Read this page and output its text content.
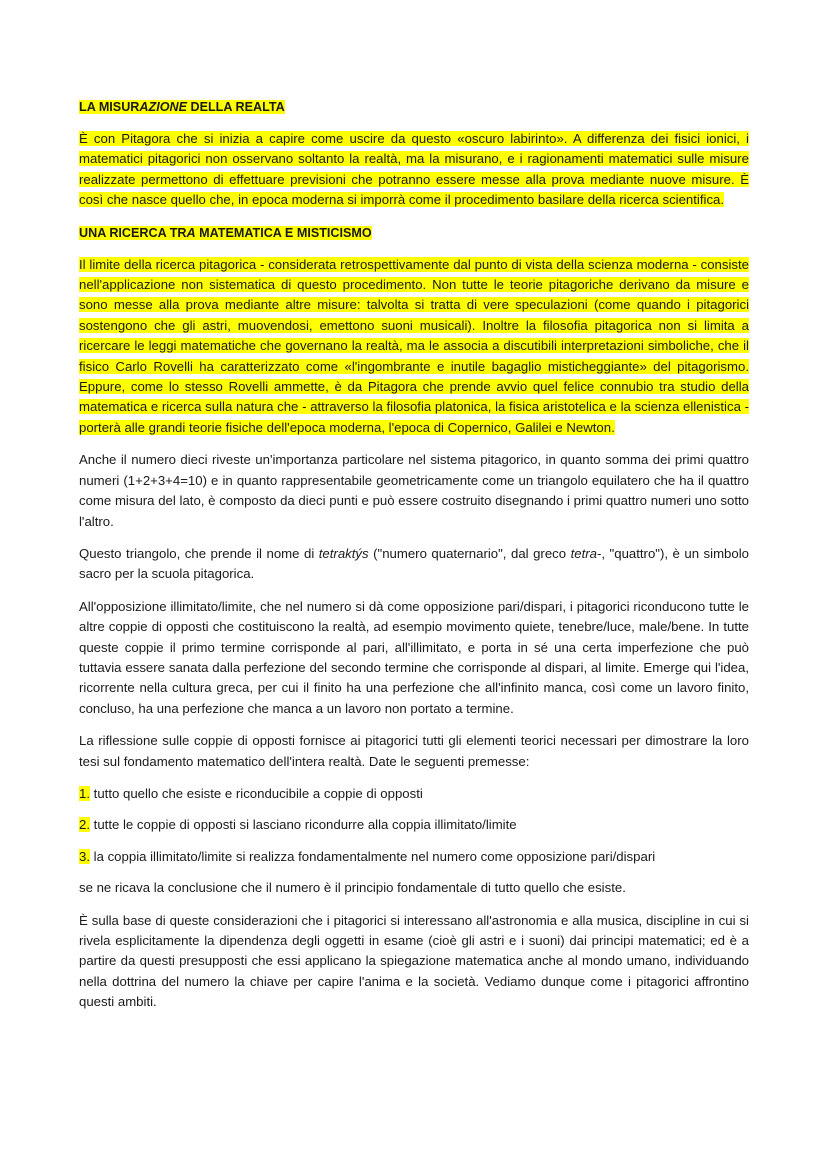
LA MISURAZIONE DELLA REALTA

È con Pitagora che si inizia a capire come uscire da questo «oscuro labirinto». A differenza dei fisici ionici, i matematici pitagorici non osservano soltanto la realtà, ma la misurano, e i ragionamenti matematici sulle misure realizzate permettono di effettuare previsioni che potranno essere messe alla prova mediante nuove misure. È così che nasce quello che, in epoca moderna si imporrà come il procedimento basilare della ricerca scientifica.

UNA RICERCA TRA MATEMATICA E MISTICISMO

Il limite della ricerca pitagorica - considerata retrospettivamente dal punto di vista della scienza moderna - consiste nell'applicazione non sistematica di questo procedimento. Non tutte le teorie pitagoriche derivano da misure e sono messe alla prova mediante altre misure: talvolta si tratta di vere speculazioni (come quando i pitagorici sostengono che gli astri, muovendosi, emettono suoni musicali). Inoltre la filosofia pitagorica non si limita a ricercare le leggi matematiche che governano la realtà, ma le associa a discutibili interpretazioni simboliche, che il fisico Carlo Rovelli ha caratterizzato come «l'ingombrante e inutile bagaglio misticheggiante» del pitagorismo. Eppure, come lo stesso Rovelli ammette, è da Pitagora che prende avvio quel felice connubio tra studio della matematica e ricerca sulla natura che - attraverso la filosofia platonica, la fisica aristotelica e la scienza ellenistica - porterà alle grandi teorie fisiche dell'epoca moderna, l'epoca di Copernico, Galilei e Newton.

Anche il numero dieci riveste un'importanza particolare nel sistema pitagorico, in quanto somma dei primi quattro numeri (1+2+3+4=10) e in quanto rappresentabile geometricamente come un triangolo equilatero che ha il quattro come misura del lato, è composto da dieci punti e può essere costruito disegnando i primi quattro numeri uno sotto l'altro.

Questo triangolo, che prende il nome di tetraktýs ("numero quaternario", dal greco tetra-, "quattro"), è un simbolo sacro per la scuola pitagorica.

All'opposizione illimitato/limite, che nel numero si dà come opposizione pari/dispari, i pitagorici riconducono tutte le altre coppie di opposti che costituiscono la realtà, ad esempio movimento quiete, tenebre/luce, male/bene. In tutte queste coppie il primo termine corrisponde al pari, all'illimitato, e porta in sé una certa imperfezione che può tuttavia essere sanata dalla perfezione del secondo termine che corrisponde al dispari, al limite. Emerge qui l'idea, ricorrente nella cultura greca, per cui il finito ha una perfezione che all'infinito manca, così come un lavoro finito, concluso, ha una perfezione che manca a un lavoro non portato a termine.

La riflessione sulle coppie di opposti fornisce ai pitagorici tutti gli elementi teorici necessari per dimostrare la loro tesi sul fondamento matematico dell'intera realtà. Date le seguenti premesse:

1. tutto quello che esiste e riconducibile a coppie di opposti
2. tutte le coppie di opposti si lasciano ricondurre alla coppia illimitato/limite
3. la coppia illimitato/limite si realizza fondamentalmente nel numero come opposizione pari/dispari

se ne ricava la conclusione che il numero è il principio fondamentale di tutto quello che esiste.

È sulla base di queste considerazioni che i pitagorici si interessano all'astronomia e alla musica, discipline in cui si rivela esplicitamente la dipendenza degli oggetti in esame (cioè gli astri e i suoni) dai principi matematici; ed è a partire da questi presupposti che essi applicano la spiegazione matematica anche al mondo umano, individuando nella dottrina del numero la chiave per capire l'anima e la società. Vediamo dunque come i pitagorici affrontino questi ambiti.
